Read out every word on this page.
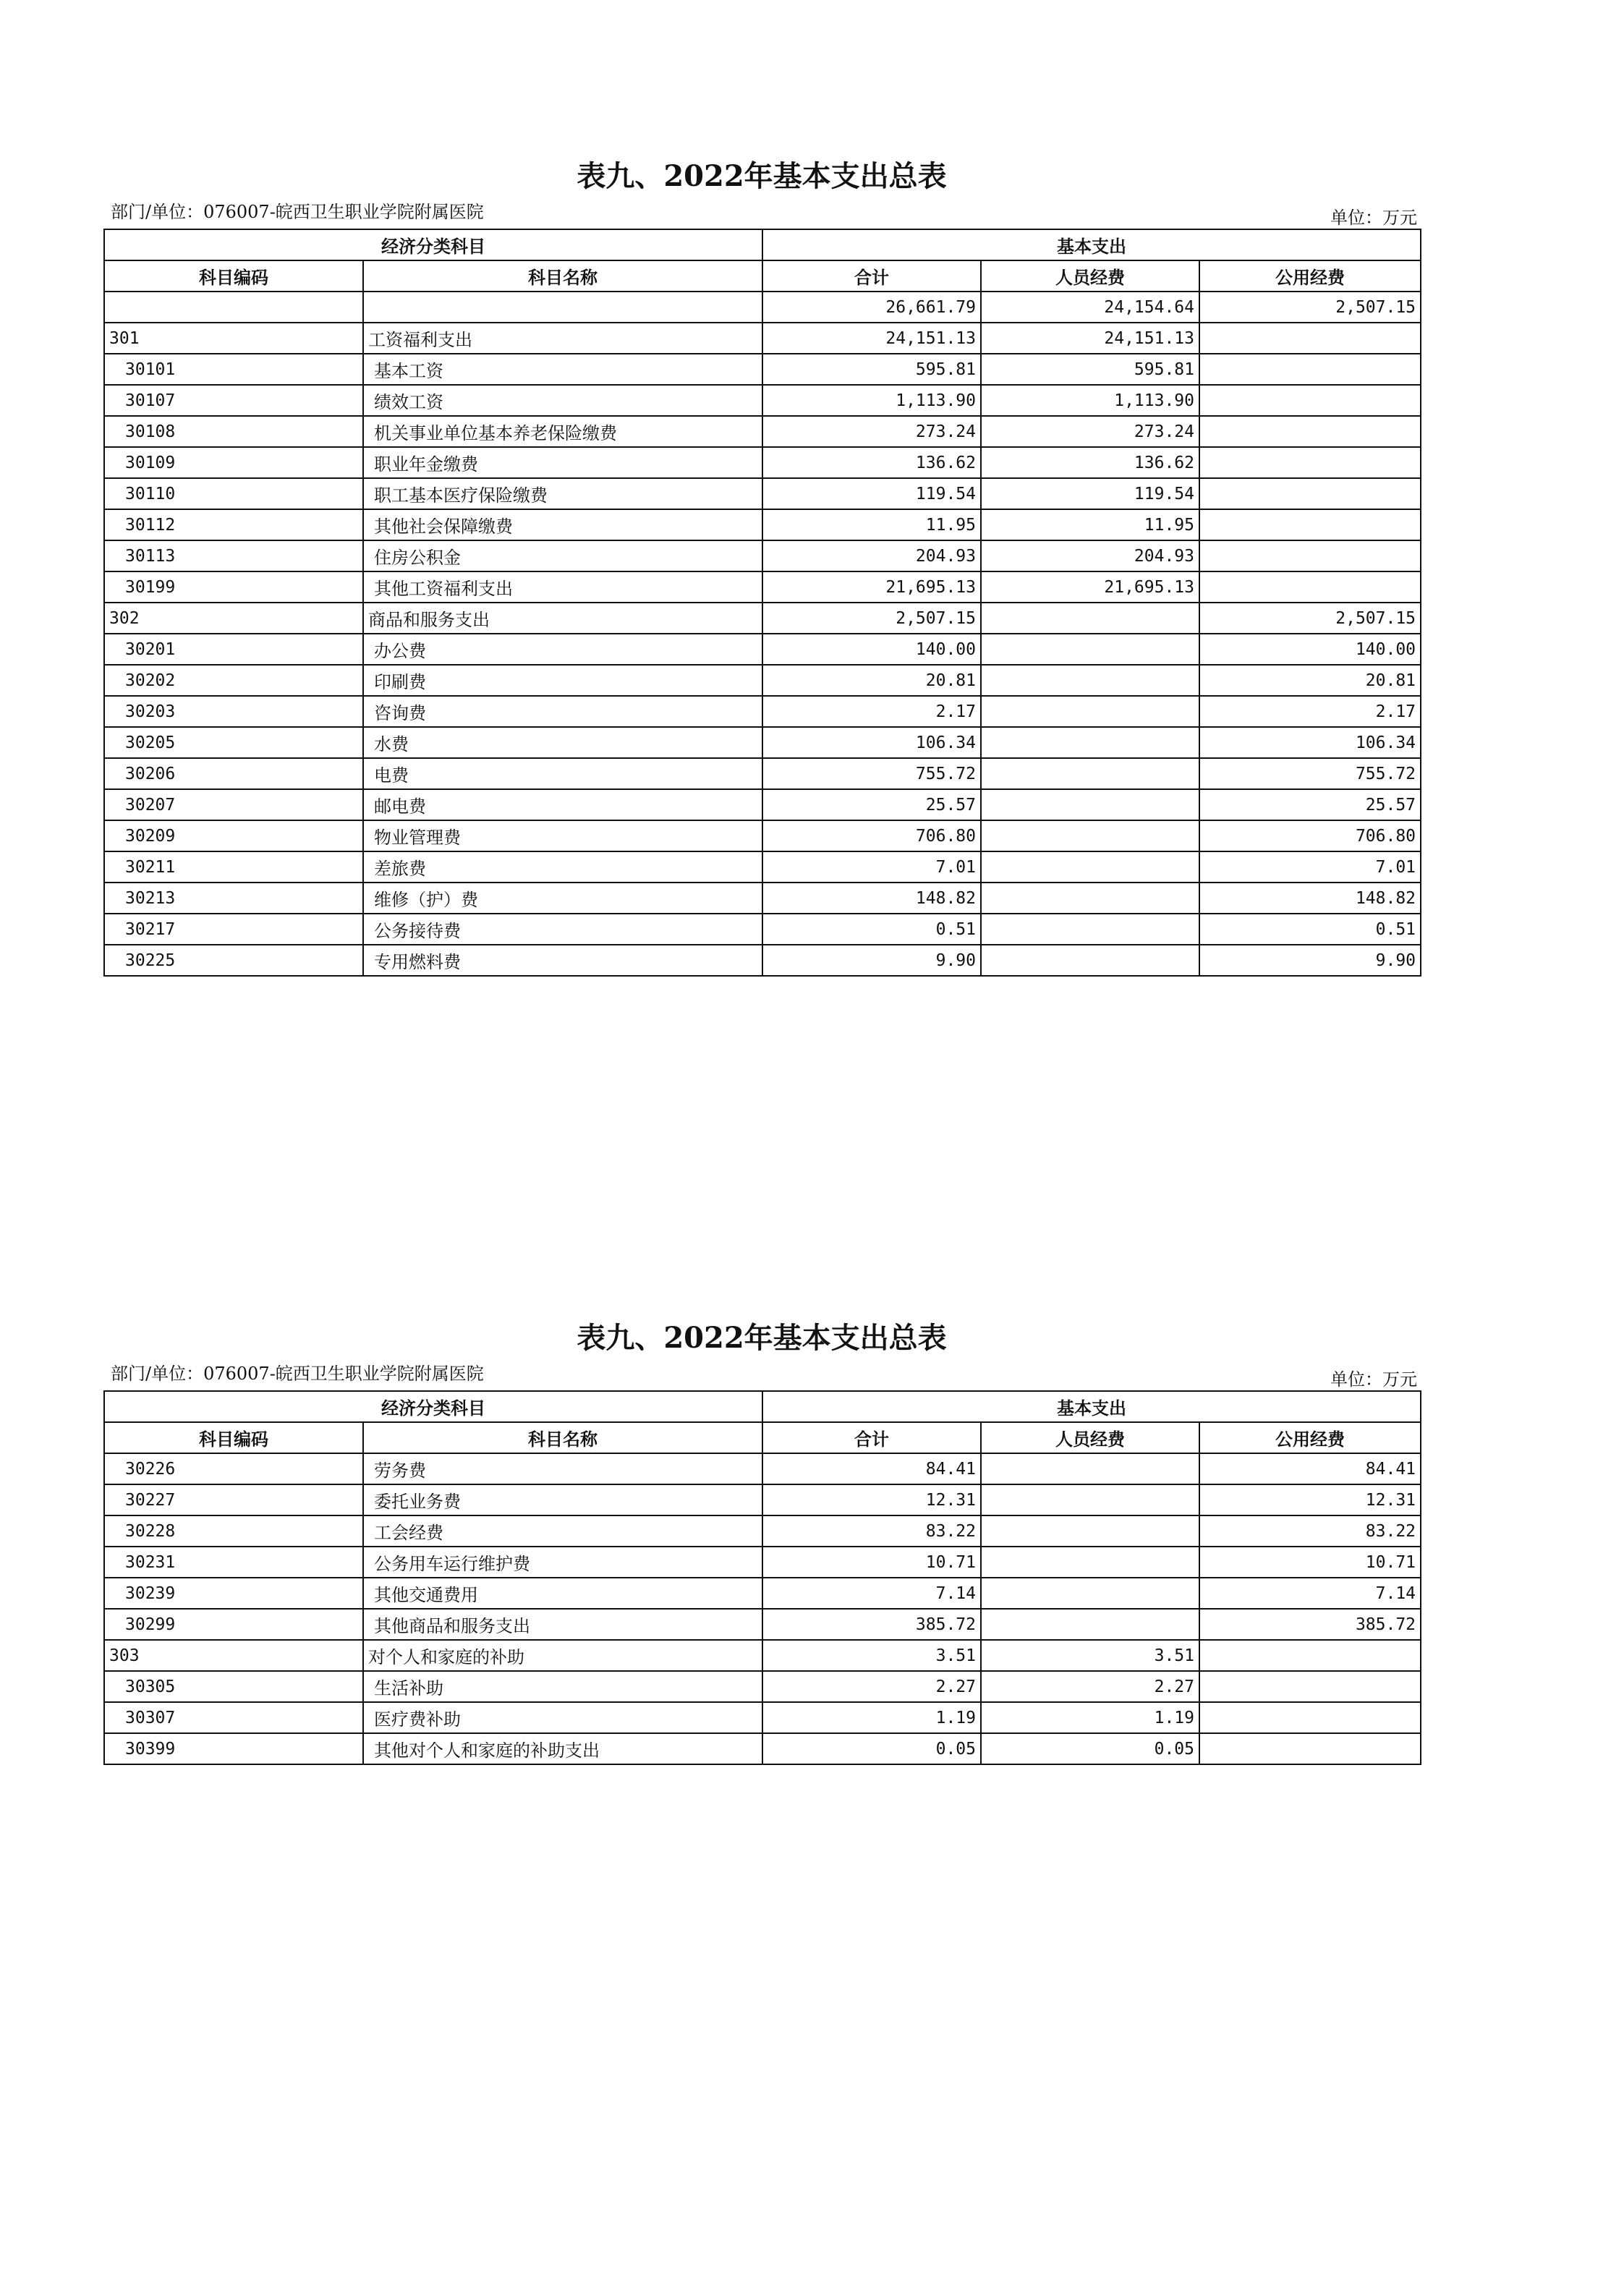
表九、2022年基本支出总表
部门/单位：076007-皖西卫生职业学院附属医院	单位：万元
经济分类科目		基本支出		
科目编码	科目名称	合计	人员经费	公用经费
		26,661.79	24,154.64	2,507.15
301	工资福利支出	24,151.13	24,151.13	
30101	基本工资	595.81	595.81	
30107	绩效工资	1,113.90	1,113.90	
30108	机关事业单位基本养老保险缴费	273.24	273.24	
30109	职业年金缴费	136.62	136.62	
30110	职工基本医疗保险缴费	119.54	119.54	
30112	其他社会保障缴费	11.95	11.95	
30113	住房公积金	204.93	204.93	
30199	其他工资福利支出	21,695.13	21,695.13	
302	商品和服务支出	2,507.15		2,507.15
30201	办公费	140.00		140.00
30202	印刷费	20.81		20.81
30203	咨询费	2.17		2.17
30205	水费	106.34		106.34
30206	电费	755.72		755.72
30207	邮电费	25.57		25.57
30209	物业管理费	706.80		706.80
30211	差旅费	7.01		7.01
30213	维修（护）费	148.82		148.82
30217	公务接待费	0.51		0.51
30225	专用燃料费	9.90		9.90
表九、2022年基本支出总表
部门/单位：076007-皖西卫生职业学院附属医院	单位：万元
经济分类科目		基本支出		
科目编码	科目名称	合计	人员经费	公用经费
30226	劳务费	84.41		84.41
30227	委托业务费	12.31		12.31
30228	工会经费	83.22		83.22
30231	公务用车运行维护费	10.71		10.71
30239	其他交通费用	7.14		7.14
30299	其他商品和服务支出	385.72		385.72
303	对个人和家庭的补助	3.51	3.51	
30305	生活补助	2.27	2.27	
30307	医疗费补助	1.19	1.19	
30399	其他对个人和家庭的补助支出	0.05	0.05	
